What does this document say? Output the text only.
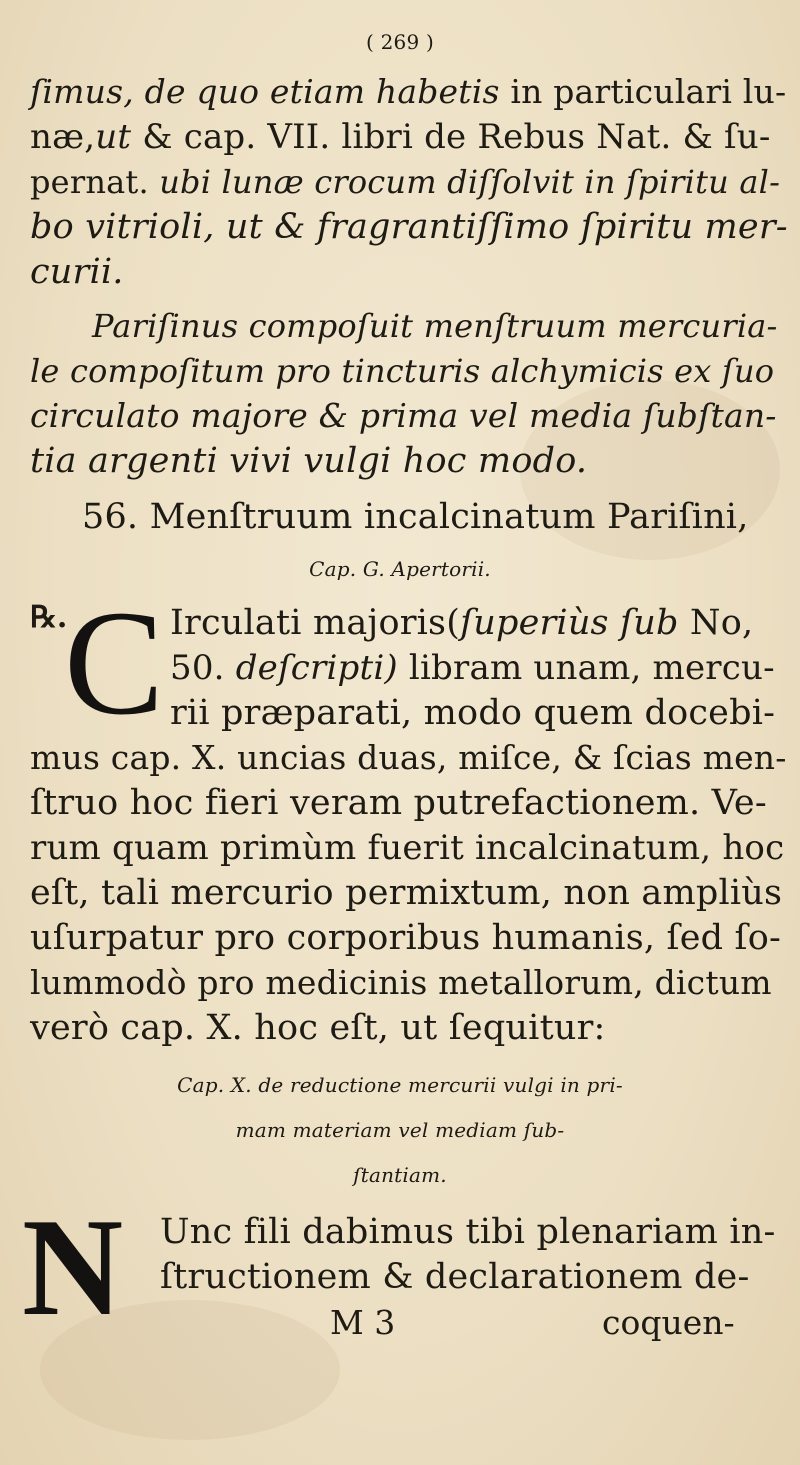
( 269 )
ſimus, de quo etiam habetis in particulari lu-
næ,ut & cap. VII. libri de Rebus Nat. & ſu-
pernat. ubi lunæ crocum diſſolvit in ſpiritu al-
bo vitrioli, ut & fragrantiſſimo ſpiritu mer-
curii.
Pariſinus compoſuit menſtruum mercuria-
le compoſitum pro tincturis alchymicis ex ſuo
circulato majore & prima vel media ſubſtan-
tia argenti vivi vulgi hoc modo.
56. Menſtruum incalcinatum Pariſini,
Cap. G. Apertorii.
℞.
C Irculati majoris(ſuperiùs ſub No,
50. deſcripti) libram unam, mercu-
rii præparati, modo quem docebi-
mus cap. X. uncias duas, miſce, & ſcias men-
ſtruo hoc fieri veram putrefactionem. Ve-
rum quam primùm fuerit incalcinatum, hoc
eſt, tali mercurio permixtum, non ampliùs
uſurpatur pro corporibus humanis, ſed ſo-
lummodò pro medicinis metallorum, dictum
verò cap. X. hoc eſt, ut ſequitur:
Cap. X. de reductione mercurii vulgi in pri-
mam materiam vel mediam ſub-
ſtantiam.
N Unc fili dabimus tibi plenariam in-
ſtructionem & declarationem de-
M 3	coquen-
